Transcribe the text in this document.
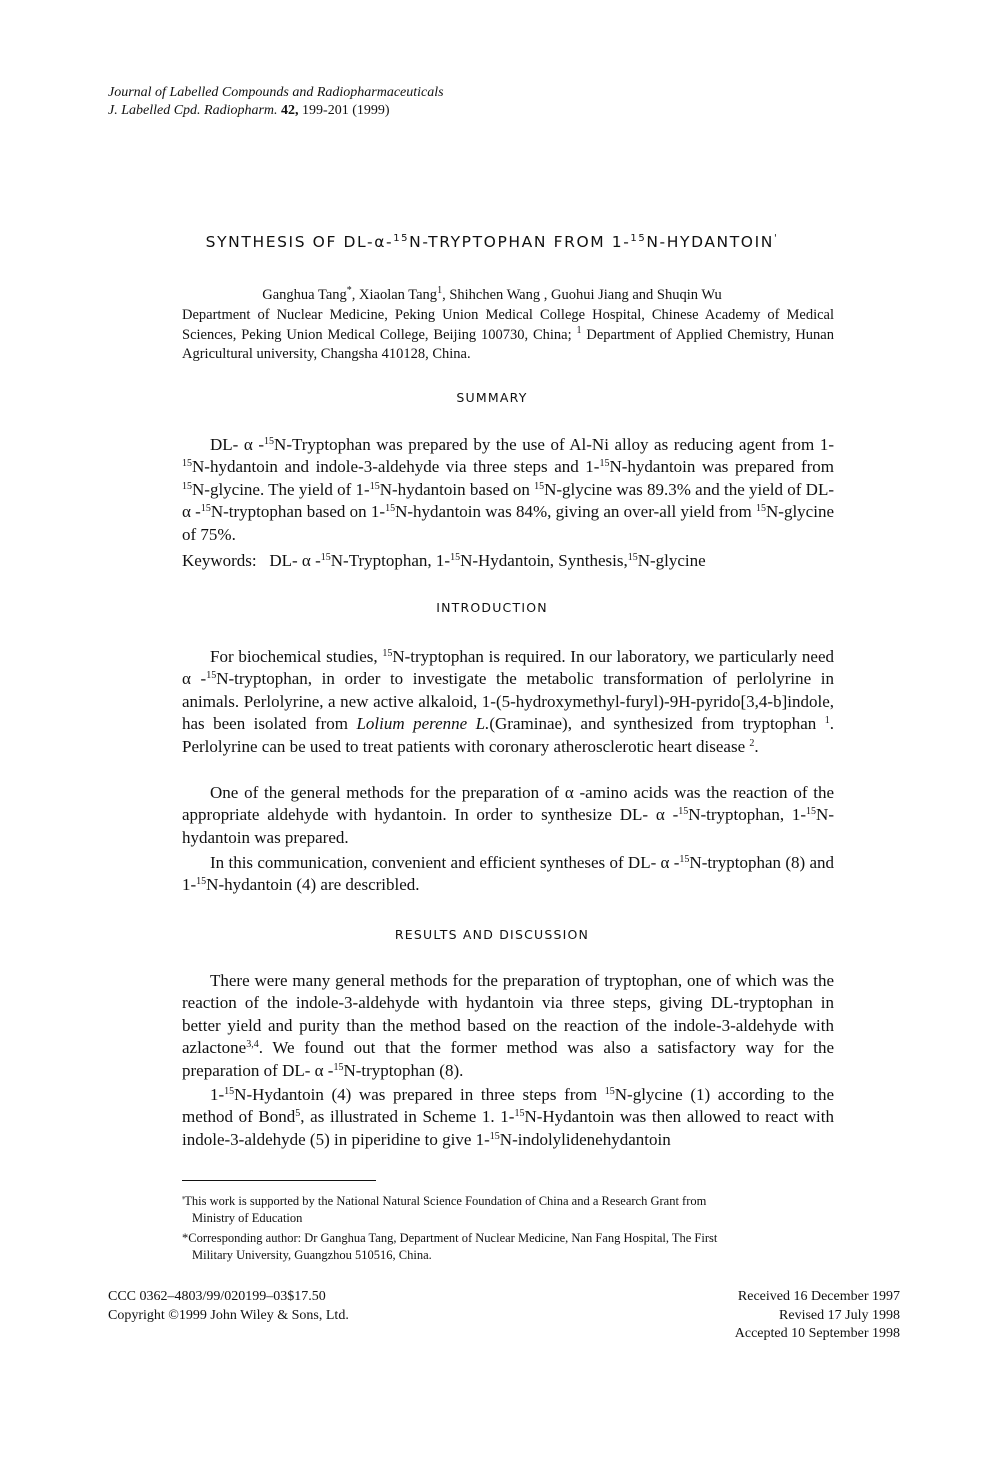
Journal of Labelled Compounds and Radiopharmaceuticals
J. Labelled Cpd. Radiopharm. 42, 199-201 (1999)
SYNTHESIS OF DL-α-$^{15}$N-TRYPTOPHAN FROM 1-$^{15}$N-HYDANTOIN'
Ganghua Tang*, Xiaolan Tang$^1$, Shihchen Wang , Guohui Jiang and Shuqin Wu
Department of Nuclear Medicine, Peking Union Medical College Hospital, Chinese Academy of Medical Sciences, Peking Union Medical College, Beijing 100730, China; $^1$ Department of Applied Chemistry, Hunan Agricultural university, Changsha 410128, China.
SUMMARY

DL- α -$^{15}$N-Tryptophan was prepared by the use of Al-Ni alloy as reducing agent from 1-$^{15}$N-hydantoin and indole-3-aldehyde via three steps and 1-$^{15}$N-hydantoin was prepared from $^{15}$N-glycine. The yield of 1-$^{15}$N-hydantoin based on $^{15}$N-glycine was 89.3% and the yield of DL- α -$^{15}$N-tryptophan based on 1-$^{15}$N-hydantoin was 84%, giving an over-all yield from $^{15}$N-glycine of 75%.

Keywords: DL- α -$^{15}$N-Tryptophan, 1-$^{15}$N-Hydantoin, Synthesis,$^{15}$N-glycine

INTRODUCTION

For biochemical studies, $^{15}$N-tryptophan is required. In our laboratory, we particularly need α -$^{15}$N-tryptophan, in order to investigate the metabolic transformation of perlolyrine in animals. Perlolyrine, a new active alkaloid, 1-(5-hydroxymethyl-furyl)-9H-pyrido[3,4-b]indole, has been isolated from Lolium perenne L.(Graminae), and synthesized from tryptophan $^1$. Perlolyrine can be used to treat patients with coronary atherosclerotic heart disease $^2$.

One of the general methods for the preparation of α -amino acids was the reaction of the appropriate aldehyde with hydantoin. In order to synthesize DL- α -$^{15}$N-tryptophan, 1-$^{15}$N-hydantoin was prepared.

In this communication, convenient and efficient syntheses of DL- α -$^{15}$N-tryptophan (8) and 1-$^{15}$N-hydantoin (4) are describled.

RESULTS AND DISCUSSION

There were many general methods for the preparation of tryptophan, one of which was the reaction of the indole-3-aldehyde with hydantoin via three steps, giving DL-tryptophan in better yield and purity than the method based on the reaction of the indole-3-aldehyde with azlactone$^{3,4}$. We found out that the former method was also a satisfactory way for the preparation of DL- α -$^{15}$N-tryptophan (8).

1-$^{15}$N-Hydantoin (4) was prepared in three steps from $^{15}$N-glycine (1) according to the method of Bond$^5$, as illustrated in Scheme 1. 1-$^{15}$N-Hydantoin was then allowed to react with indole-3-aldehyde (5) in piperidine to give 1-$^{15}$N-indolylidenehydantoin

'This work is supported by the National Natural Science Foundation of China and a Research Grant from
Ministry of Education
*Corresponding author: Dr Ganghua Tang, Department of Nuclear Medicine, Nan Fang Hospital, The First
Military University, Guangzhou 510516, China.
CCC 0362–4803/99/020199–03$17.50
Copyright ©1999 John Wiley & Sons, Ltd.
Received 16 December 1997
Revised 17 July 1998
Accepted 10 September 1998
